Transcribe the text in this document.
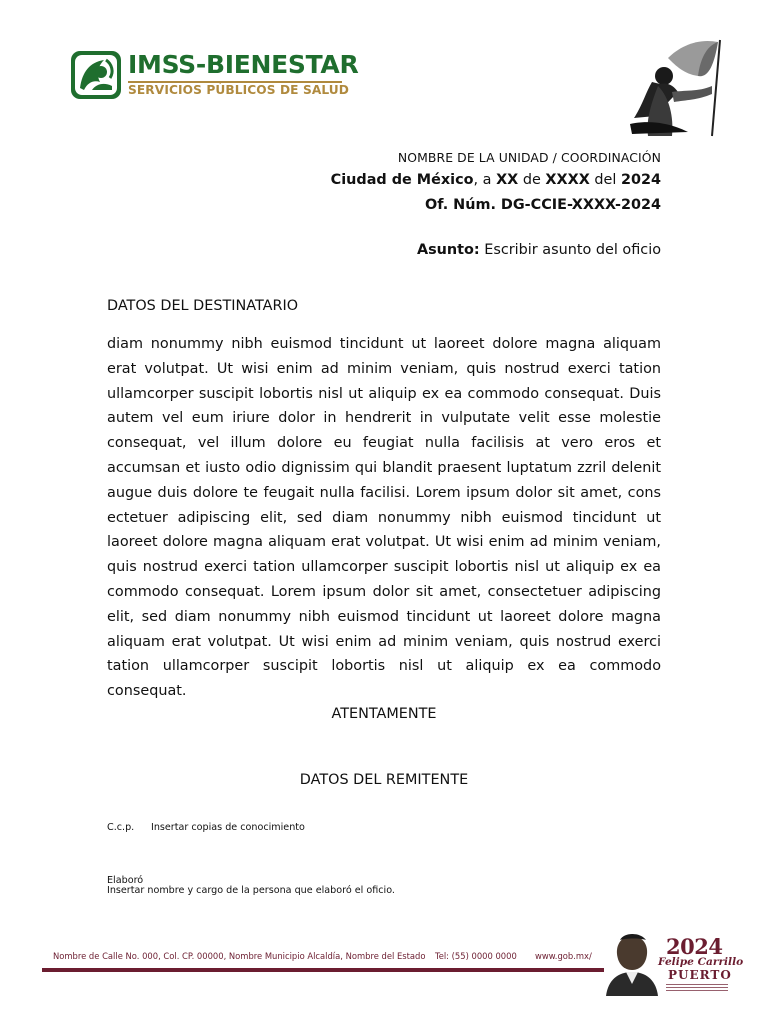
IMSS-BIENESTAR
SERVICIOS PÚBLICOS DE SALUD
NOMBRE DE LA UNIDAD / COORDINACIÓN
Ciudad de México, a XX de XXXX del 2024
Of. Núm. DG-CCIE-XXXX-2024
Asunto: Escribir asunto del oficio
DATOS DEL DESTINATARIO
diam nonummy nibh euismod tincidunt ut laoreet dolore magna aliquam erat volutpat. Ut wisi enim ad minim veniam, quis nostrud exerci tation ullamcorper suscipit lobortis nisl ut aliquip ex ea commodo consequat. Duis autem vel eum iriure dolor in hendrerit in vulputate velit esse molestie consequat, vel illum dolore eu feugiat nulla facilisis at vero eros et accumsan et iusto odio dignissim qui blandit praesent luptatum zzril delenit augue duis dolore te feugait nulla facilisi. Lorem ipsum dolor sit amet, cons ectetuer adipiscing elit, sed diam nonummy nibh euismod tincidunt ut laoreet dolore magna aliquam erat volutpat. Ut wisi enim ad minim veniam, quis nostrud exerci tation ullamcorper suscipit lobortis nisl ut aliquip ex ea commodo consequat. Lorem ipsum dolor sit amet, consectetuer adipiscing elit, sed diam nonummy nibh euismod tincidunt ut laoreet dolore magna aliquam erat volutpat. Ut wisi enim ad minim veniam, quis nostrud exerci tation ullamcorper suscipit lobortis nisl ut aliquip ex ea commodo consequat.
ATENTAMENTE
DATOS DEL REMITENTE
C.c.p. Insertar copias de conocimiento
Elaboró
Insertar nombre y cargo de la persona que elaboró el oficio.
Nombre de Calle No. 000, Col. CP. 00000, Nombre Municipio Alcaldía, Nombre del Estado Tel: (55) 0000 0000 www.gob.mx/	2024
Felipe Carrillo
PUERTO
